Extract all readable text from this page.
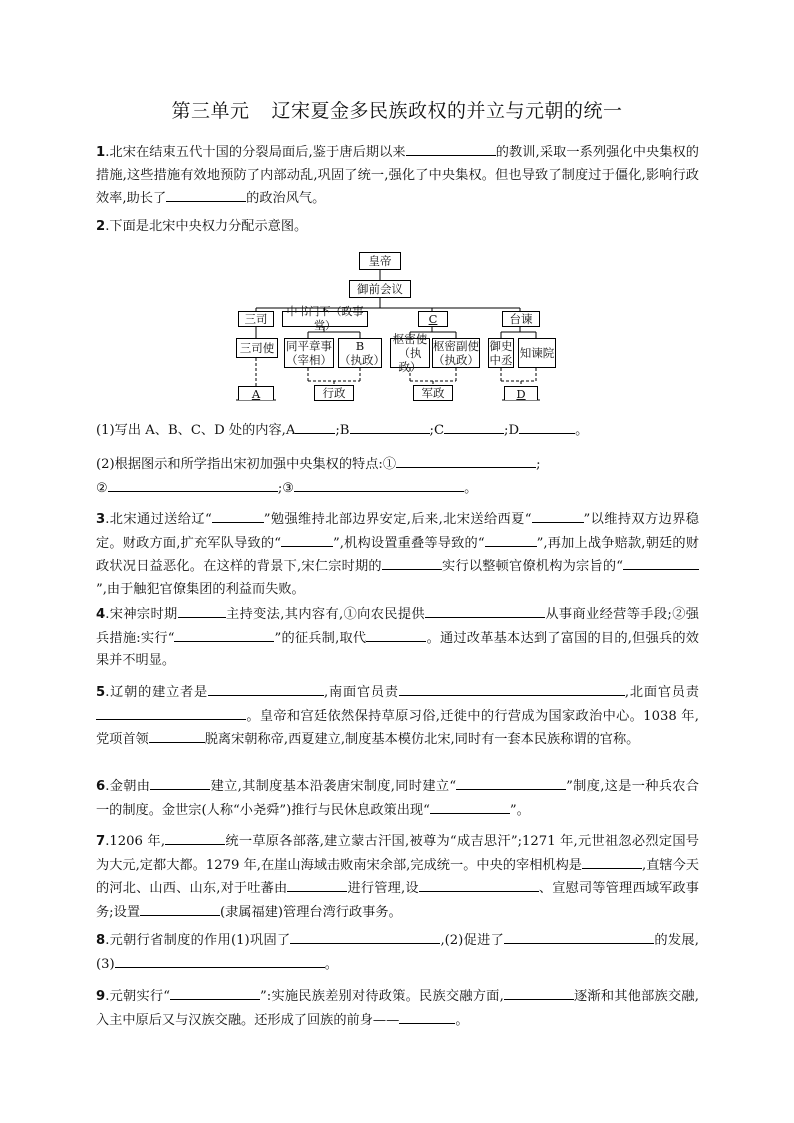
第三单元 辽宋夏金多民族政权的并立与元朝的统一
1.北宋在结束五代十国的分裂局面后,鉴于唐后期以来	的教训,采取一系列强化中央集权的措施,这些措施有效地预防了内部动乱,巩固了统一,强化了中央集权。但也导致了制度过于僵化,影响行政效率,助长了	的政治风气。
2.下面是北宋中央权力分配示意图。
皇帝
御前会议
三司
中书门下（政事堂）	C	台谏
三司使 同平章事
（宰相）
B
（执政）
枢密使
（执政）
枢密副使
（执政）
御史
中丞 知谏院
A	行政	军政	D
(1)写出 A、B、C、D 处的内容,A	;B	;C	;D	。
(2)根据图示和所学指出宋初加强中央集权的特点:①	;
②	;③	。
3.北宋通过送给辽“	”勉强维持北部边界安定,后来,北宋送给西夏“	”以维持双方边界稳定。财政方面,扩充军队导致的“	”,机构设置重叠等导致的“	”,再加上战争赔款,朝廷的财政状况日益恶化。在这样的背景下,宋仁宗时期的	实行以整顿官僚机构为宗旨的“”,由于触犯官僚集团的利益而失败。
4.宋神宗时期	主持变法,其内容有,①向农民提供	从事商业经营等手段;②强兵措施:实行“	”的征兵制,取代	。通过改革基本达到了富国的目的,但强兵的效果并不明显。
5.辽朝的建立者是	,南面官员责	,北面官员责。皇帝和宫廷依然保持草原习俗,迁徙中的行营成为国家政治中心。1038 年,党项首领	脱离宋朝称帝,西夏建立,制度基本模仿北宋,同时有一套本民族称谓的官称。
6.金朝由	建立,其制度基本沿袭唐宋制度,同时建立“	”制度,这是一种兵农合一的制度。金世宗(人称“小尧舜”)推行与民休息政策出现“	”。
7.1206 年,	统一草原各部落,建立蒙古汗国,被尊为“成吉思汗”;1271 年,元世祖忽必烈定国号为大元,定都大都。1279 年,在崖山海域击败南宋余部,完成统一。中央的宰相机构是	,直辖今天的河北、山西、山东,对于吐蕃由	进行管理,设	、宣慰司等管理西域军政事务;设置	(隶属福建)管理台湾行政事务。
8.元朝行省制度的作用(1)巩固了	,(2)促进了	的发展,(3)	。
9.元朝实行“	”:实施民族差别对待政策。民族交融方面,	逐渐和其他部族交融,入主中原后又与汉族交融。还形成了回族的前身——	。
